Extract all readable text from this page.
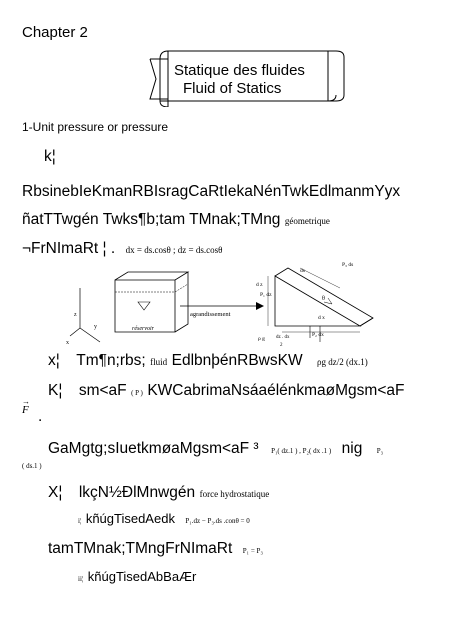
Chapter 2
Statique des fluides
Fluid of Statics
1-Unit pressure or pressure
k¦
RbsinebIeKmanRBIsragCaRtIekaNénTwkEdlmanmYyx
ñatTTwgén Twks¶b;tam TMnak;TMng géometrique
¬FrNImaRt ¦ . dx = ds.cosθ ; dz = ds.cosθ
z
y
x
réservoir
agrandissement
d z
P₁ dz
ds
P₃ ds
θ
d x
P₂ dx
ρ g dz . dx
2
x¦ Tm¶n;rbs; fluid EdlbnþénRBwsKW ρg dz/2 (dx.1)
K¦ sm<aF ( P ) KWCabrimaNsáaélénkmaøMgsm<aF
→
F .
GaMgtg;sIuetkmøaMgsm<aF ³ P₁( dz.1 ) , P₂( dx .1 ) nig P₃
( ds.1 )
X¦ lkçN½ÐlMnwgén force hydrostatique
i¦ kñúgTisedAedk P₁.dz − P₃.ds .conθ = 0
tamTMnak;TMngFrNImaRt P₁ = P₃
ii¦ kñúgTisedAbBaÆr
